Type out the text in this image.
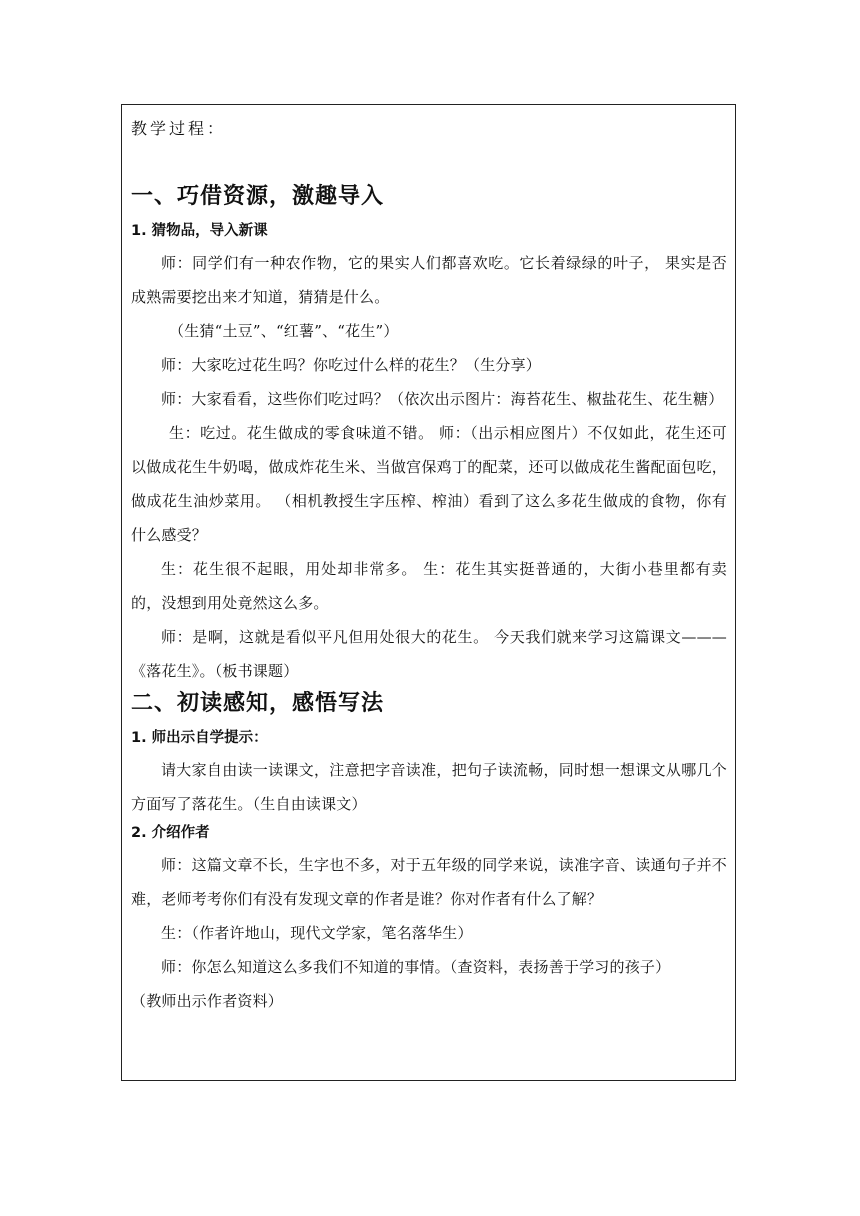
教学过程：
一、巧借资源，激趣导入
1. 猜物品，导入新课

师：同学们有一种农作物，它的果实人们都喜欢吃。它长着绿绿的叶子， 果实是否成熟需要挖出来才知道，猜猜是什么。

（生猜“土豆”、“红薯”、“花生”）

师：大家吃过花生吗？你吃过什么样的花生？（生分享）

师：大家看看，这些你们吃过吗？（依次出示图片：海苔花生、椒盐花生、花生糖）

生：吃过。花生做成的零食味道不错。 师：（出示相应图片）不仅如此，花生还可以做成花生牛奶喝，做成炸花生米、当做宫保鸡丁的配菜，还可以做成花生酱配面包吃，做成花生油炒菜用。 （相机教授生字压榨、榨油）看到了这么多花生做成的食物，你有什么感受？

生：花生很不起眼，用处却非常多。 生：花生其实挺普通的，大街小巷里都有卖的，没想到用处竟然这么多。

师：是啊，这就是看似平凡但用处很大的花生。 今天我们就来学习这篇课文———《落花生》。（板书课题）

二、初读感知，感悟写法
1. 师出示自学提示：

请大家自由读一读课文，注意把字音读准，把句子读流畅，同时想一想课文从哪几个方面写了落花生。（生自由读课文）

2. 介绍作者

师：这篇文章不长，生字也不多，对于五年级的同学来说，读准字音、读通句子并不难，老师考考你们有没有发现文章的作者是谁？你对作者有什么了解？

生：（作者许地山，现代文学家，笔名落华生）

师：你怎么知道这么多我们不知道的事情。（查资料，表扬善于学习的孩子）

（教师出示作者资料）
